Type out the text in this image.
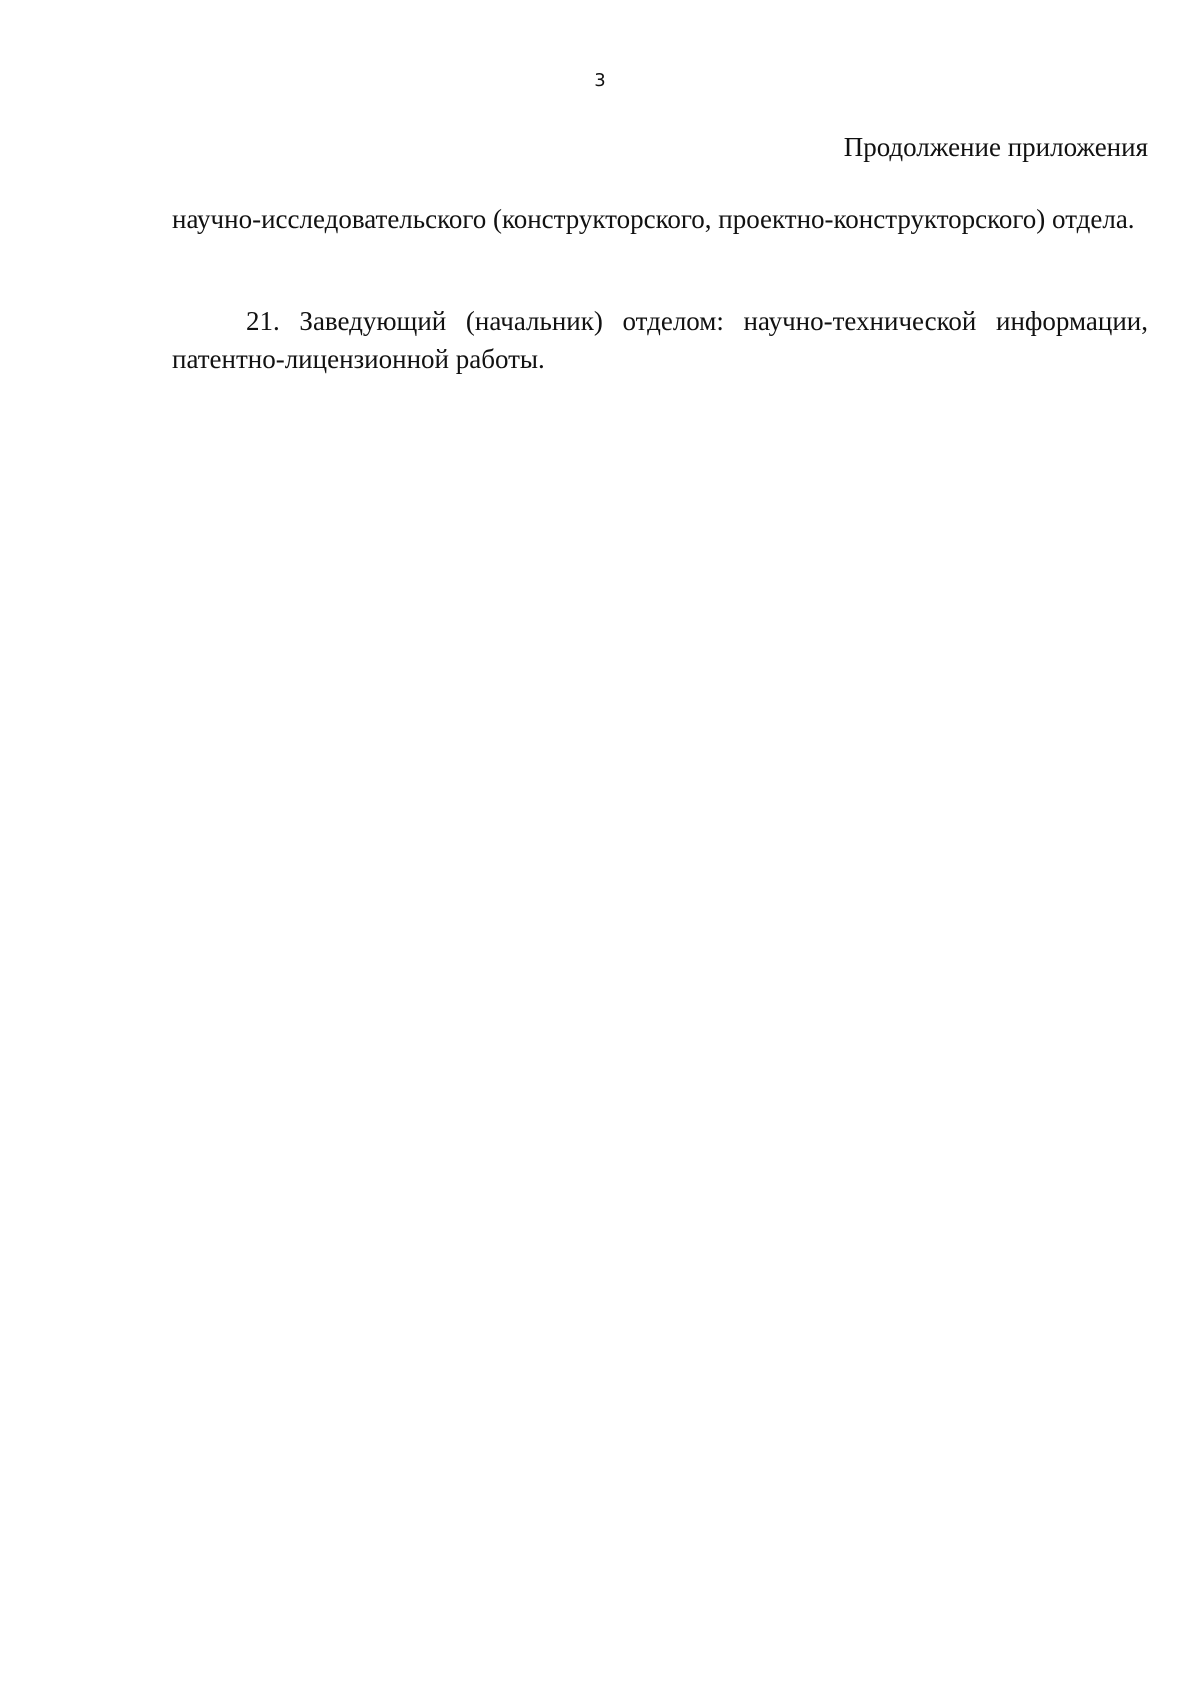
3
Продолжение приложения
научно-исследовательского (конструкторского, проектно-конструкторского) отдела.
21. Заведующий (начальник) отделом: научно-технической информации, патентно-лицензионной работы.
